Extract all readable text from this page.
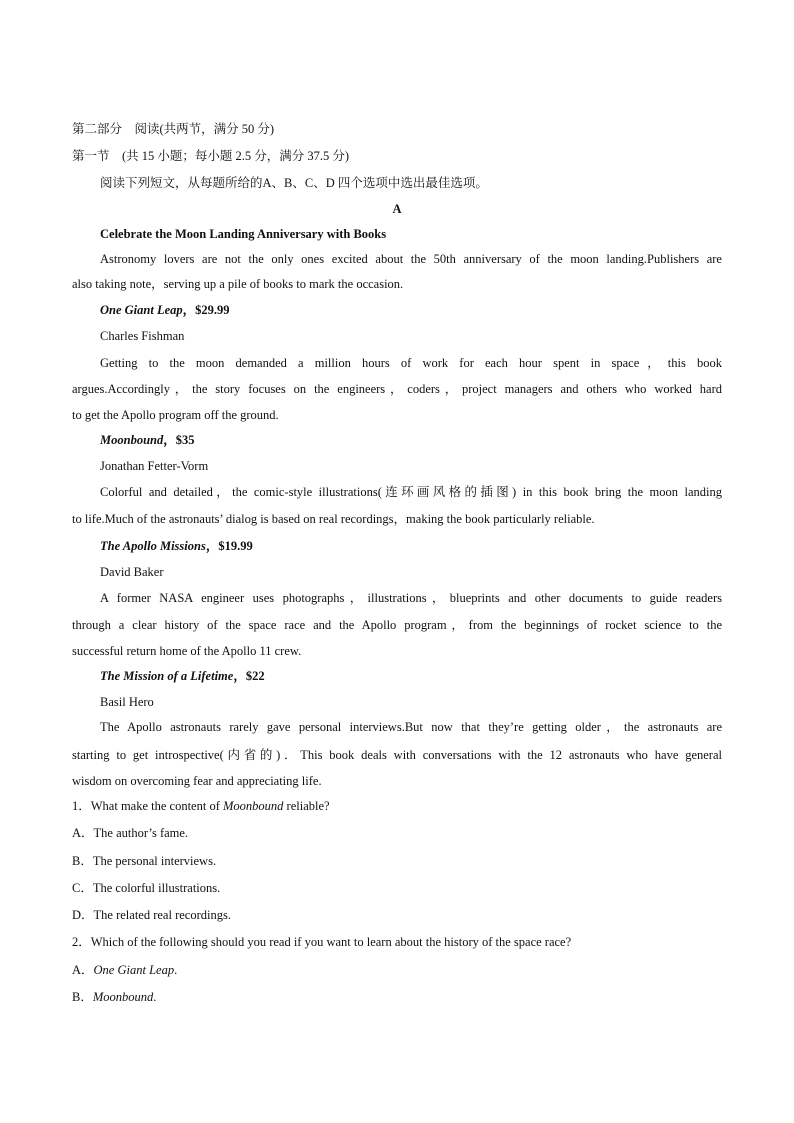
第二部分　阅读(共两节，满分 50 分)
第一节　(共 15 小题；每小题 2.5 分，满分 37.5 分)
阅读下列短文，从每题所给的A、B、C、D 四个选项中选出最佳选项。
A
Celebrate the Moon Landing Anniversary with Books
Astronomy lovers are not the only ones excited about the 50th anniversary of the moon landing.Publishers are
also taking note，serving up a pile of books to mark the occasion.
One Giant Leap，$29.99
Charles Fishman
Getting to the moon demanded a million hours of work for each hour spent in space，this book
argues.Accordingly，the story focuses on the engineers，coders，project managers and others who worked hard
to get the Apollo program off the ground.
Moonbound，$35
Jonathan Fetter-Vorm
Colorful and detailed，the comic-style illustrations(连环画风格的插图) in this book bring the moon landing
to life.Much of the astronauts’ dialog is based on real recordings，making the book particularly reliable.
The Apollo Missions，$19.99
David Baker
A former NASA engineer uses photographs，illustrations，blueprints and other documents to guide readers
through a clear history of the space race and the Apollo program，from the beginnings of rocket science to the
successful return home of the Apollo 11 crew.
The Mission of a Lifetime，$22
Basil Hero
The Apollo astronauts rarely gave personal interviews.But now that they’re getting older，the astronauts are
starting to get introspective(内省的)．This book deals with conversations with the 12 astronauts who have general
wisdom on overcoming fear and appreciating life.
1．What make the content of Moonbound reliable?
A．The author’s fame.
B．The personal interviews.
C．The colorful illustrations.
D．The related real recordings.
2．Which of the following should you read if you want to learn about the history of the space race?
A．One Giant Leap.
B．Moonbound.
